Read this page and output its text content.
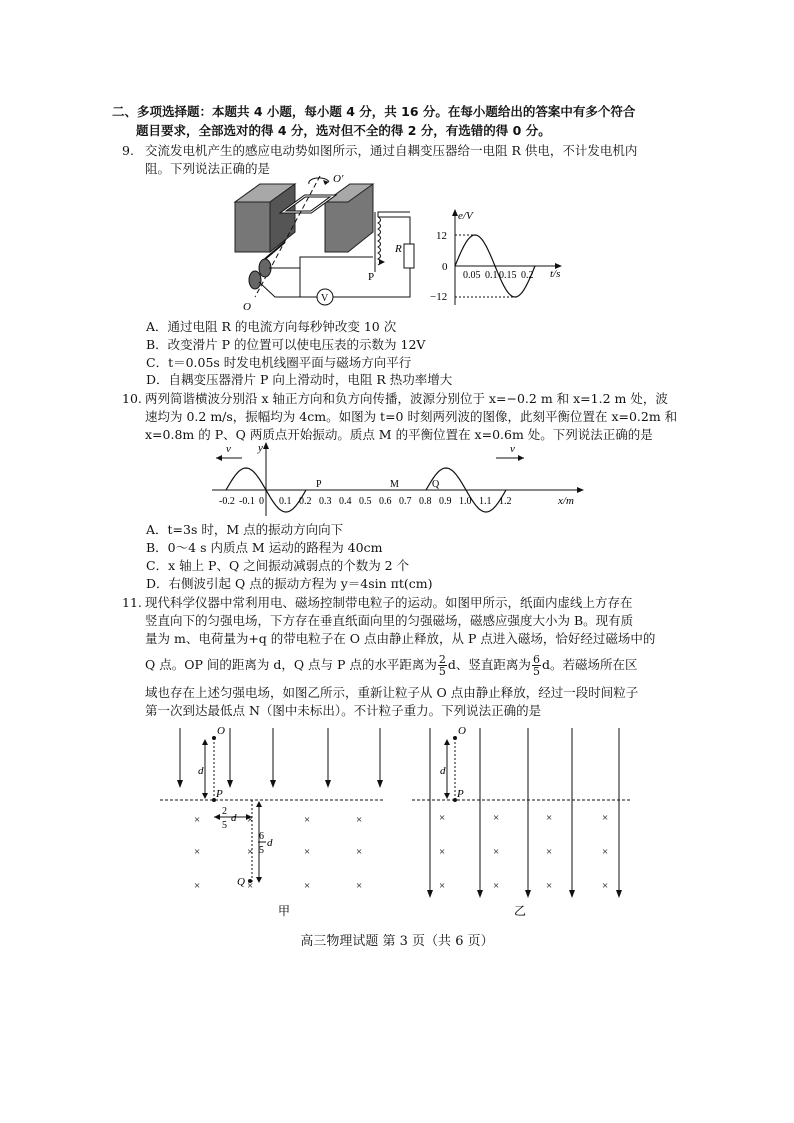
二、多项选择题：本题共 4 小题，每小题 4 分，共 16 分。在每小题给出的答案中有多个符合
题目要求，全部选对的得 4 分，选对但不全的得 2 分，有选错的得 0 分。
9. 交流发电机产生的感应电动势如图所示，通过自耦变压器给一电阻 R 供电，不计发电机内
阻。下列说法正确的是
O′
O
P
R
V
e/V
t/s
12
0
−12
0.05 0.1 0.15 0.2
A．通过电阻 R 的电流方向每秒钟改变 10 次
B．改变滑片 P 的位置可以使电压表的示数为 12V
C．t＝0.05s 时发电机线圈平面与磁场方向平行
D．自耦变压器滑片 P 向上滑动时，电阻 R 热功率增大
10. 两列简谐横波分别沿 x 轴正方向和负方向传播，波源分别位于 x=−0.2 m 和 x=1.2 m 处，波
速均为 0.2 m/s，振幅均为 4cm。如图为 t=0 时刻两列波的图像，此刻平衡位置在 x=0.2m 和
x=0.8m 的 P、Q 两质点开始振动。质点 M 的平衡位置在 x=0.6m 处。下列说法正确的是
y
x/m
v	v
P	M	Q
-0.2 -0.1 0 0.1 0.2 0.3 0.4 0.5 0.6 0.7 0.8 0.9 1.0 1.1 1.2
A．t=3s 时，M 点的振动方向向下
B．0～4 s 内质点 M 运动的路程为 40cm
C．x 轴上 P、Q 之间振动减弱点的个数为 2 个
D．右侧波引起 Q 点的振动方程为 y＝4sin πt(cm)
11. 现代科学仪器中常利用电、磁场控制带电粒子的运动。如图甲所示，纸面内虚线上方存在
竖直向下的匀强电场，下方存在垂直纸面向里的匀强磁场，磁感应强度大小为 B。现有质
量为 m、电荷量为+q 的带电粒子在 O 点由静止释放，从 P 点进入磁场，恰好经过磁场中的
Q 点。OP 间的距离为 d，Q 点与 P 点的水平距离为 $\frac{2}{5}$ d、竖直距离为 $\frac{6}{5}$ d。若磁场所在区
域也存在上述匀强电场，如图乙所示，重新让粒子从 O 点由静止释放，经过一段时间粒子
第一次到达最低点 N（图中未标出）。不计粒子重力。下列说法正确的是
O
P
d
2
5
d
6
5
d
Q
×	×	×	×
×	×	×	×
×	×	×	×
甲
O
P
d
×	×	×	×
×	×	×	×
×	×	×	×
乙
高三物理试题 第 3 页（共 6 页）
